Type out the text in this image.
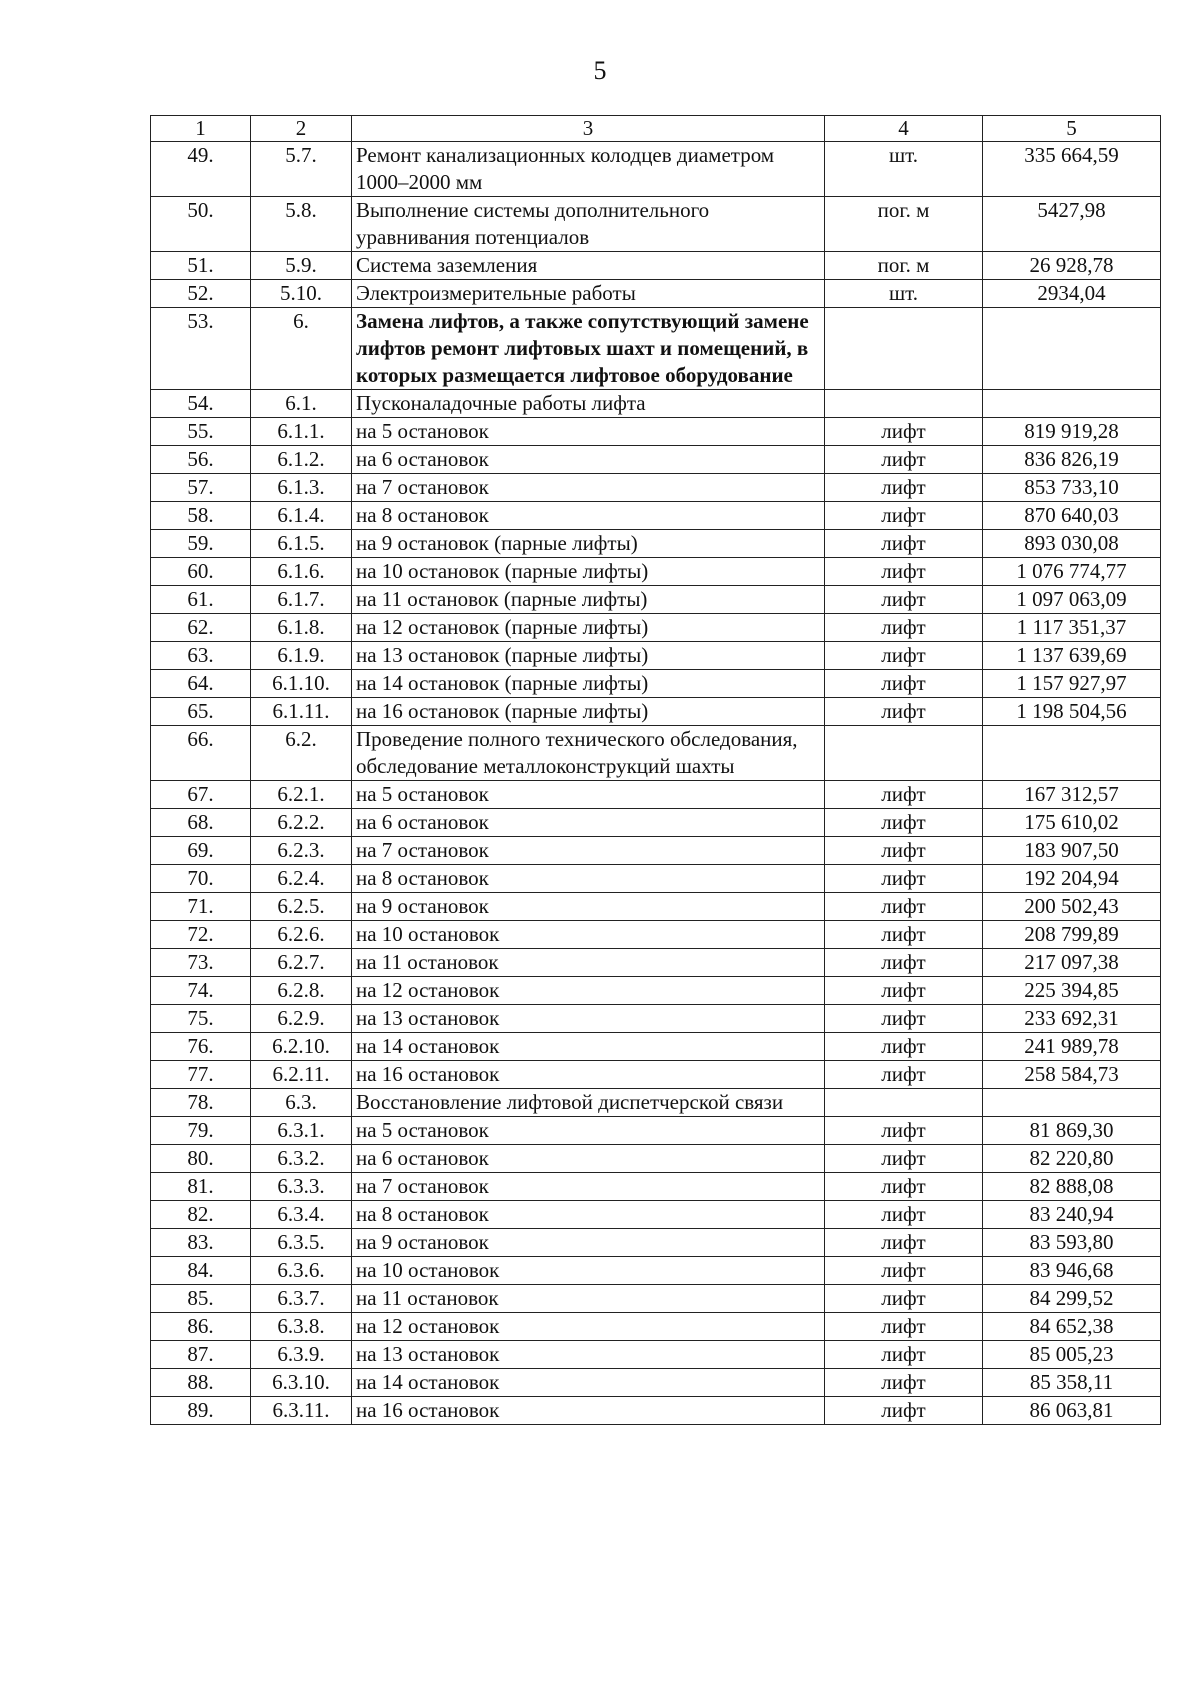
5
1	2	3	4	5
49.	5.7.	Ремонт канализационных колодцев диаметром 1000–2000 мм	шт.	335 664,59
50.	5.8.	Выполнение системы дополнительного уравнивания потенциалов	пог. м	5427,98
51.	5.9.	Система заземления	пог. м	26 928,78
52.	5.10.	Электроизмерительные работы	шт.	2934,04
53.	6.	Замена лифтов, а также сопутствующий замене лифтов ремонт лифтовых шахт и помещений, в которых размещается лифтовое оборудование		
54.	6.1.	Пусконаладочные работы лифта		
55.	6.1.1.	на 5 остановок	лифт	819 919,28
56.	6.1.2.	на 6 остановок	лифт	836 826,19
57.	6.1.3.	на 7 остановок	лифт	853 733,10
58.	6.1.4.	на 8 остановок	лифт	870 640,03
59.	6.1.5.	на 9 остановок (парные лифты)	лифт	893 030,08
60.	6.1.6.	на 10 остановок (парные лифты)	лифт	1 076 774,77
61.	6.1.7.	на 11 остановок (парные лифты)	лифт	1 097 063,09
62.	6.1.8.	на 12 остановок (парные лифты)	лифт	1 117 351,37
63.	6.1.9.	на 13 остановок (парные лифты)	лифт	1 137 639,69
64.	6.1.10.	на 14 остановок (парные лифты)	лифт	1 157 927,97
65.	6.1.11.	на 16 остановок (парные лифты)	лифт	1 198 504,56
66.	6.2.	Проведение полного технического обследования, обследование металлоконструкций шахты		
67.	6.2.1.	на 5 остановок	лифт	167 312,57
68.	6.2.2.	на 6 остановок	лифт	175 610,02
69.	6.2.3.	на 7 остановок	лифт	183 907,50
70.	6.2.4.	на 8 остановок	лифт	192 204,94
71.	6.2.5.	на 9 остановок	лифт	200 502,43
72.	6.2.6.	на 10 остановок	лифт	208 799,89
73.	6.2.7.	на 11 остановок	лифт	217 097,38
74.	6.2.8.	на 12 остановок	лифт	225 394,85
75.	6.2.9.	на 13 остановок	лифт	233 692,31
76.	6.2.10.	на 14 остановок	лифт	241 989,78
77.	6.2.11.	на 16 остановок	лифт	258 584,73
78.	6.3.	Восстановление лифтовой диспетчерской связи		
79.	6.3.1.	на 5 остановок	лифт	81 869,30
80.	6.3.2.	на 6 остановок	лифт	82 220,80
81.	6.3.3.	на 7 остановок	лифт	82 888,08
82.	6.3.4.	на 8 остановок	лифт	83 240,94
83.	6.3.5.	на 9 остановок	лифт	83 593,80
84.	6.3.6.	на 10 остановок	лифт	83 946,68
85.	6.3.7.	на 11 остановок	лифт	84 299,52
86.	6.3.8.	на 12 остановок	лифт	84 652,38
87.	6.3.9.	на 13 остановок	лифт	85 005,23
88.	6.3.10.	на 14 остановок	лифт	85 358,11
89.	6.3.11.	на 16 остановок	лифт	86 063,81
